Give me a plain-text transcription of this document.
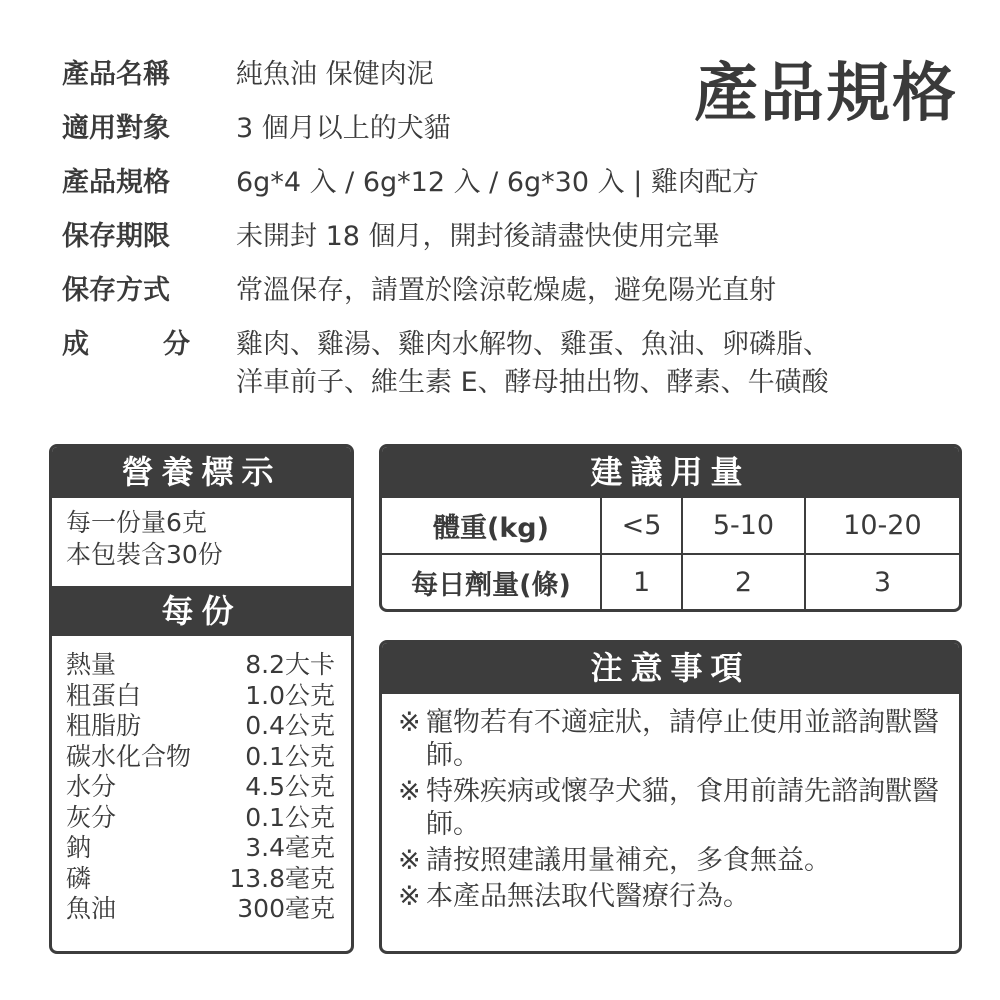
產品規格
產品名稱	純魚油 保健肉泥
適用對象	3 個月以上的犬貓
產品規格	6g*4 入 / 6g*12 入 / 6g*30 入 | 雞肉配方
保存期限	未開封 18 個月，開封後請盡快使用完畢
保存方式	常溫保存，請置於陰涼乾燥處，避免陽光直射
成	分 雞肉、雞湯、雞肉水解物、雞蛋、魚油、卵磷脂、
洋車前子、維生素 E、酵母抽出物、酵素、牛磺酸
營養標示
每一份量6克
本包裝含30份
每份
熱量	8.2大卡
粗蛋白	1.0公克
粗脂肪	0.4公克
碳水化合物 0.1公克
水分	4.5公克
灰分	0.1公克
鈉	3.4毫克
磷	13.8毫克
魚油	300毫克
建議用量
體重(kg)	<5	5-10	10-20
每日劑量(條)	1	2	3
注意事項
※ 寵物若有不適症狀，請停止使用並諮詢獸醫師。
※ 特殊疾病或懷孕犬貓，食用前請先諮詢獸醫師。
※ 請按照建議用量補充，多食無益。
※ 本產品無法取代醫療行為。
